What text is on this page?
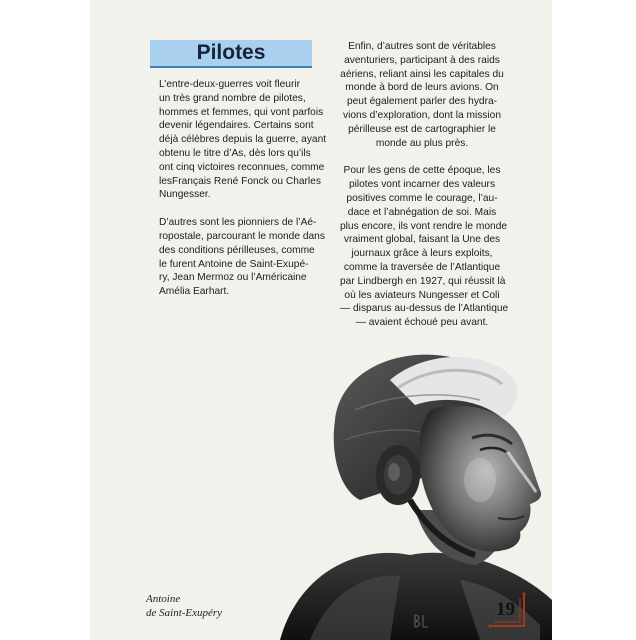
Pilotes

L’entre-deux-guerres voit fleurir
un très grand nombre de pilotes,
hommes et femmes, qui vont parfois
devenir légendaires. Certains sont
déjà célèbres depuis la guerre, ayant
obtenu le titre d’As, dès lors qu’ils
ont cinq victoires reconnues, comme
lesFrançais René Fonck ou Charles
Nungesser.

D’autres sont les pionniers de l’Aé-
ropostale, parcourant le monde dans
des conditions périlleuses, comme
le furent Antoine de Saint-Exupé-
ry, Jean Mermoz ou l’Américaine
Amélia Earhart.

Enfin, d’autres sont de véritables
aventuriers, participant à des raids
aériens, reliant ainsi les capitales du
monde à bord de leurs avions. On
peut également parler des hydra-
vions d’exploration, dont la mission
périlleuse est de cartographier le
monde au plus près.

Pour les gens de cette époque, les
pilotes vont incarner des valeurs
positives comme le courage, l’au-
dace et l’abnégation de soi. Mais
plus encore, ils vont rendre le monde
vraiment global, faisant la Une des
journaux grâce à leurs exploits,
comme la traversée de l’Atlantique
par Lindbergh en 1927, qui réussit là
où les aviateurs Nungesser et Coli
— disparus au-dessus de l’Atlantique
— avaient échoué peu avant.

Antoine
de Saint-Exupéry	19
